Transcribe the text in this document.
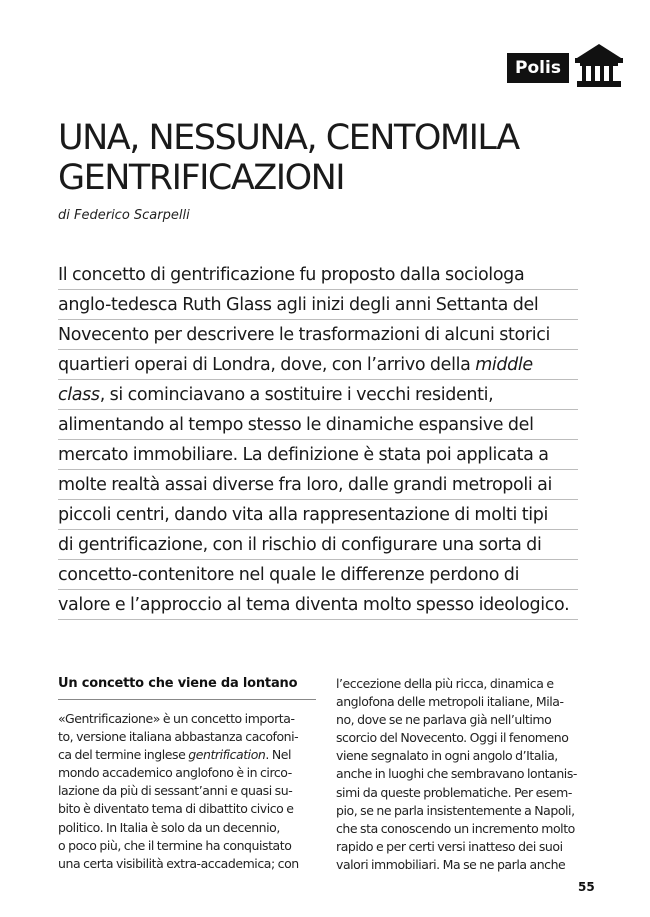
Polis
UNA, NESSUNA, CENTOMILA
GENTRIFICAZIONI
di Federico Scarpelli
Il concetto di gentrificazione fu proposto dalla sociologa
anglo-tedesca Ruth Glass agli inizi degli anni Settanta del
Novecento per descrivere le trasformazioni di alcuni storici
quartieri operai di Londra, dove, con l’arrivo della middle
class, si cominciavano a sostituire i vecchi residenti,
alimentando al tempo stesso le dinamiche espansive del
mercato immobiliare. La definizione è stata poi applicata a
molte realtà assai diverse fra loro, dalle grandi metropoli ai
piccoli centri, dando vita alla rappresentazione di molti tipi
di gentrificazione, con il rischio di configurare una sorta di
concetto-contenitore nel quale le differenze perdono di
valore e l’approccio al tema diventa molto spesso ideologico.
Un concetto che viene da lontano
«Gentrificazione» è un concetto importa-
to, versione italiana abbastanza cacofoni-
ca del termine inglese gentrification. Nel
mondo accademico anglofono è in circo-
lazione da più di sessant’anni e quasi su-
bito è diventato tema di dibattito civico e
politico. In Italia è solo da un decennio,
o poco più, che il termine ha conquistato
una certa visibilità extra-accademica; con
l’eccezione della più ricca, dinamica e
anglofona delle metropoli italiane, Mila-
no, dove se ne parlava già nell’ultimo
scorcio del Novecento. Oggi il fenomeno
viene segnalato in ogni angolo d’Italia,
anche in luoghi che sembravano lontanis-
simi da queste problematiche. Per esem-
pio, se ne parla insistentemente a Napoli,
che sta conoscendo un incremento molto
rapido e per certi versi inatteso dei suoi
valori immobiliari. Ma se ne parla anche
55
